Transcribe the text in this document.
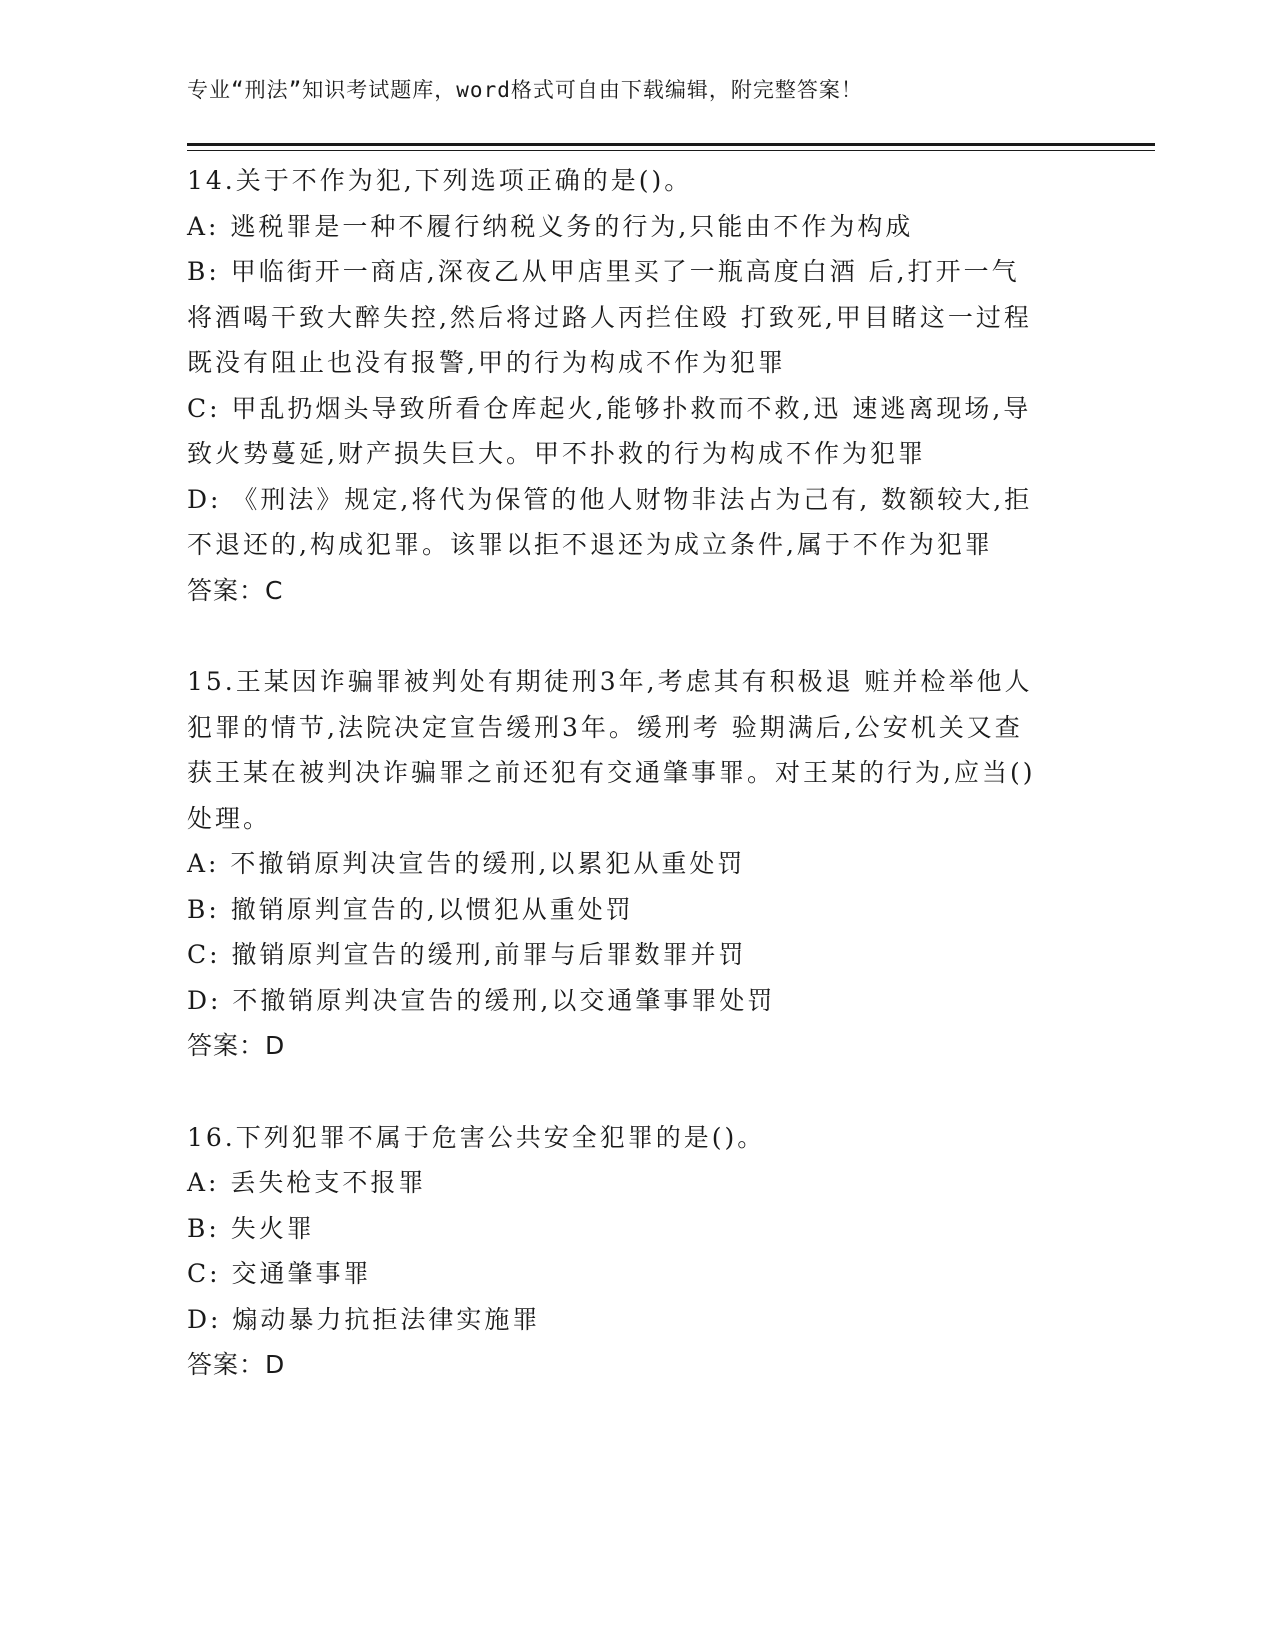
专业“刑法”知识考试题库，word格式可自由下载编辑，附完整答案！
14.关于不作为犯,下列选项正确的是()。
A: 逃税罪是一种不履行纳税义务的行为,只能由不作为构成
B: 甲临街开一商店,深夜乙从甲店里买了一瓶高度白酒 后,打开一气
将酒喝干致大醉失控,然后将过路人丙拦住殴 打致死,甲目睹这一过程
既没有阻止也没有报警,甲的行为构成不作为犯罪
C: 甲乱扔烟头导致所看仓库起火,能够扑救而不救,迅 速逃离现场,导
致火势蔓延,财产损失巨大。甲不扑救的行为构成不作为犯罪
D: 《刑法》规定,将代为保管的他人财物非法占为己有, 数额较大,拒
不退还的,构成犯罪。该罪以拒不退还为成立条件,属于不作为犯罪
答案：C
15.王某因诈骗罪被判处有期徒刑3年,考虑其有积极退 赃并检举他人
犯罪的情节,法院决定宣告缓刑3年。缓刑考 验期满后,公安机关又查
获王某在被判决诈骗罪之前还犯有交通肇事罪。对王某的行为,应当()
处理。
A: 不撤销原判决宣告的缓刑,以累犯从重处罚
B: 撤销原判宣告的,以惯犯从重处罚
C: 撤销原判宣告的缓刑,前罪与后罪数罪并罚
D: 不撤销原判决宣告的缓刑,以交通肇事罪处罚
答案：D
16.下列犯罪不属于危害公共安全犯罪的是()。
A: 丢失枪支不报罪
B: 失火罪
C: 交通肇事罪
D: 煽动暴力抗拒法律实施罪
答案：D
